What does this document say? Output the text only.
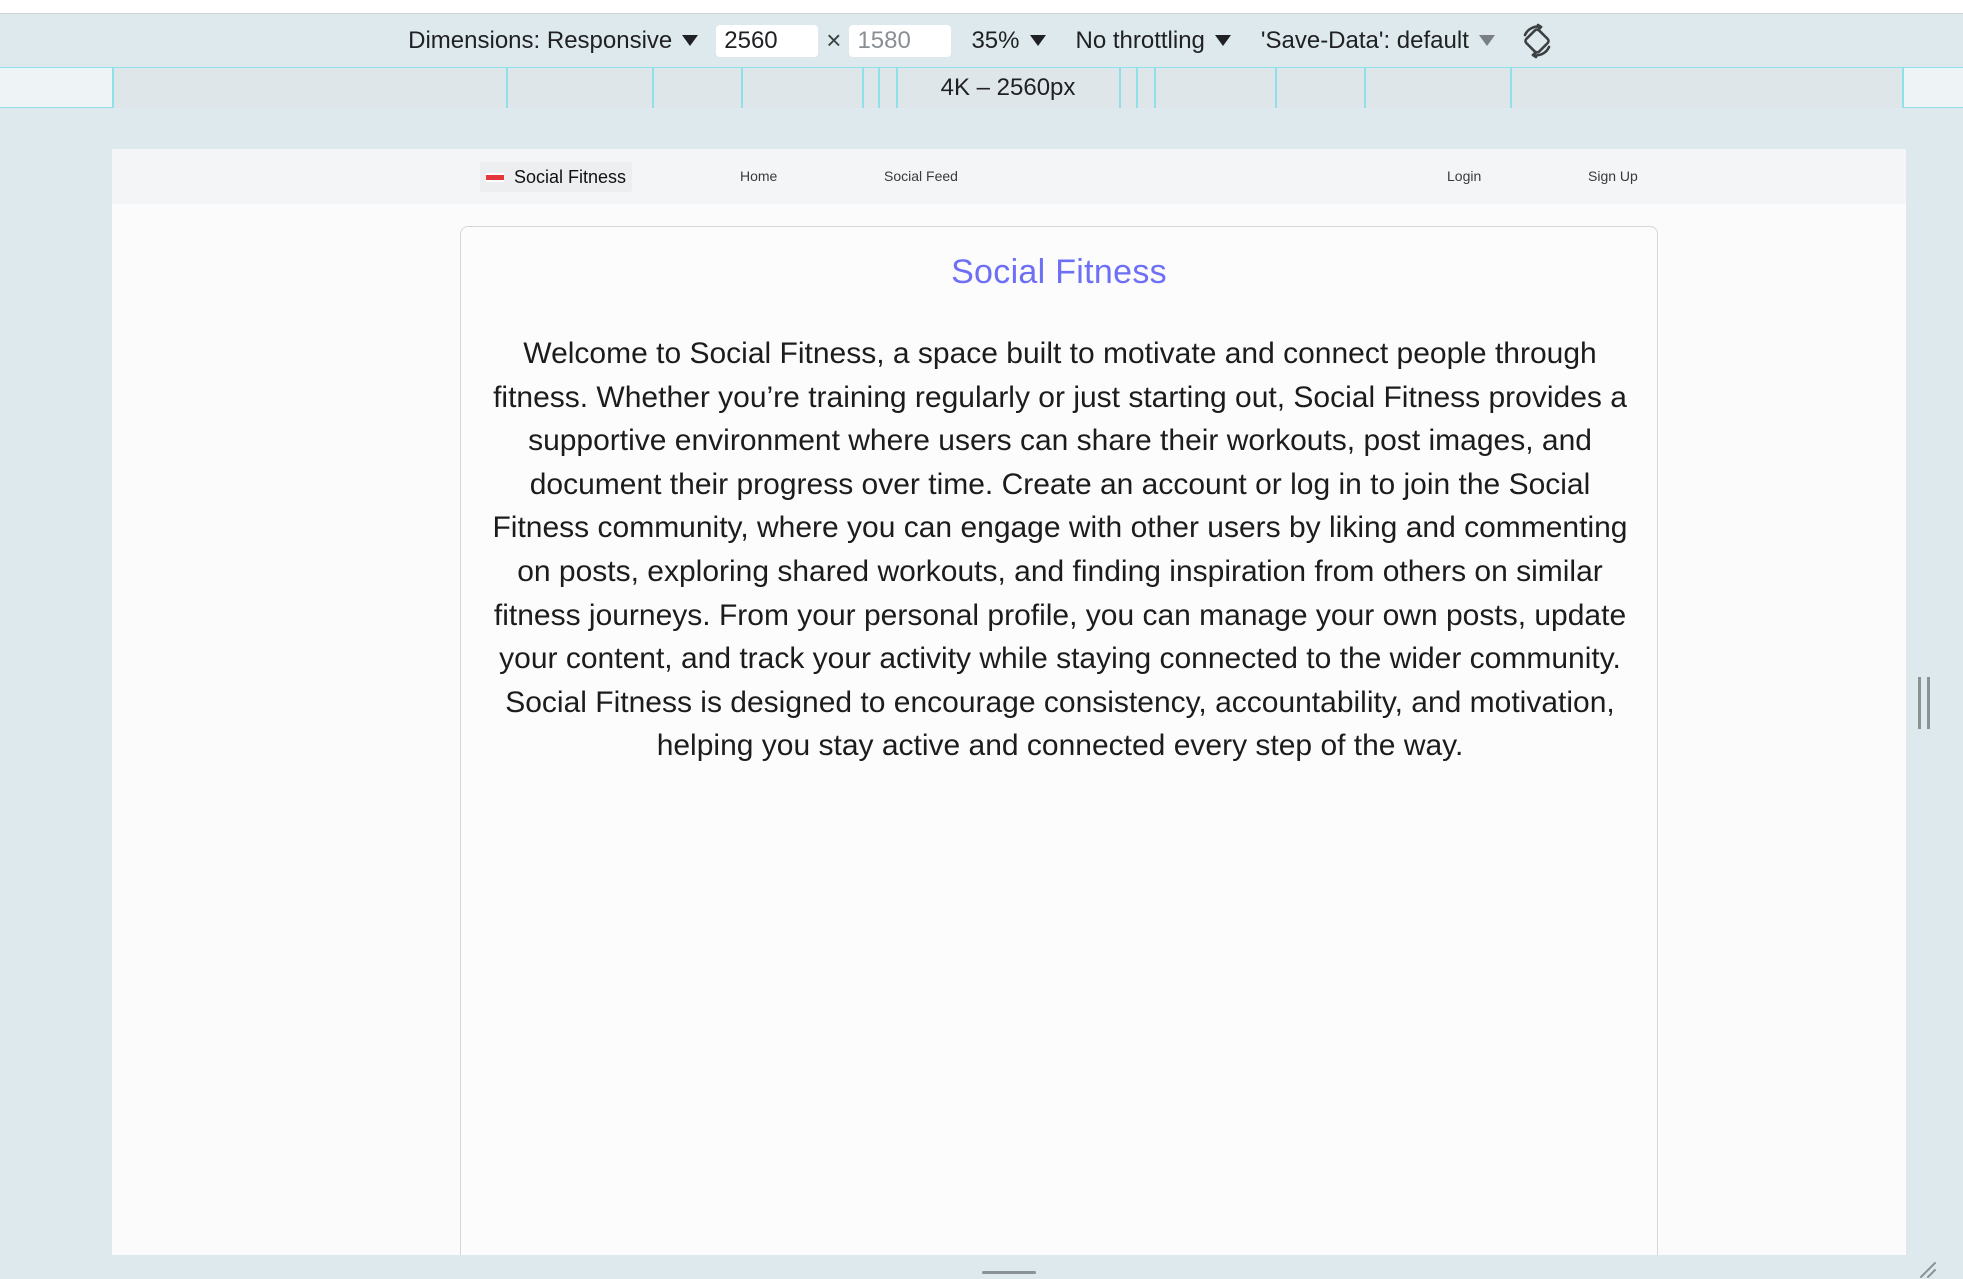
Dimensions: Responsive	2560	× 1580	35% No throttling 'Save-Data': default
4K – 2560px
Social Fitness	Home	Social Feed	Login	Sign Up
Social Fitness

Welcome to Social Fitness, a space built to motivate and connect people through fitness. Whether you’re training regularly or just starting out, Social Fitness provides a supportive environment where users can share their workouts, post images, and document their progress over time. Create an account or log in to join the Social Fitness community, where you can engage with other users by liking and commenting on posts, exploring shared workouts, and finding inspiration from others on similar fitness journeys. From your personal profile, you can manage your own posts, update your content, and track your activity while staying connected to the wider community.

Social Fitness is designed to encourage consistency, accountability, and motivation, helping you stay active and connected every step of the way.
